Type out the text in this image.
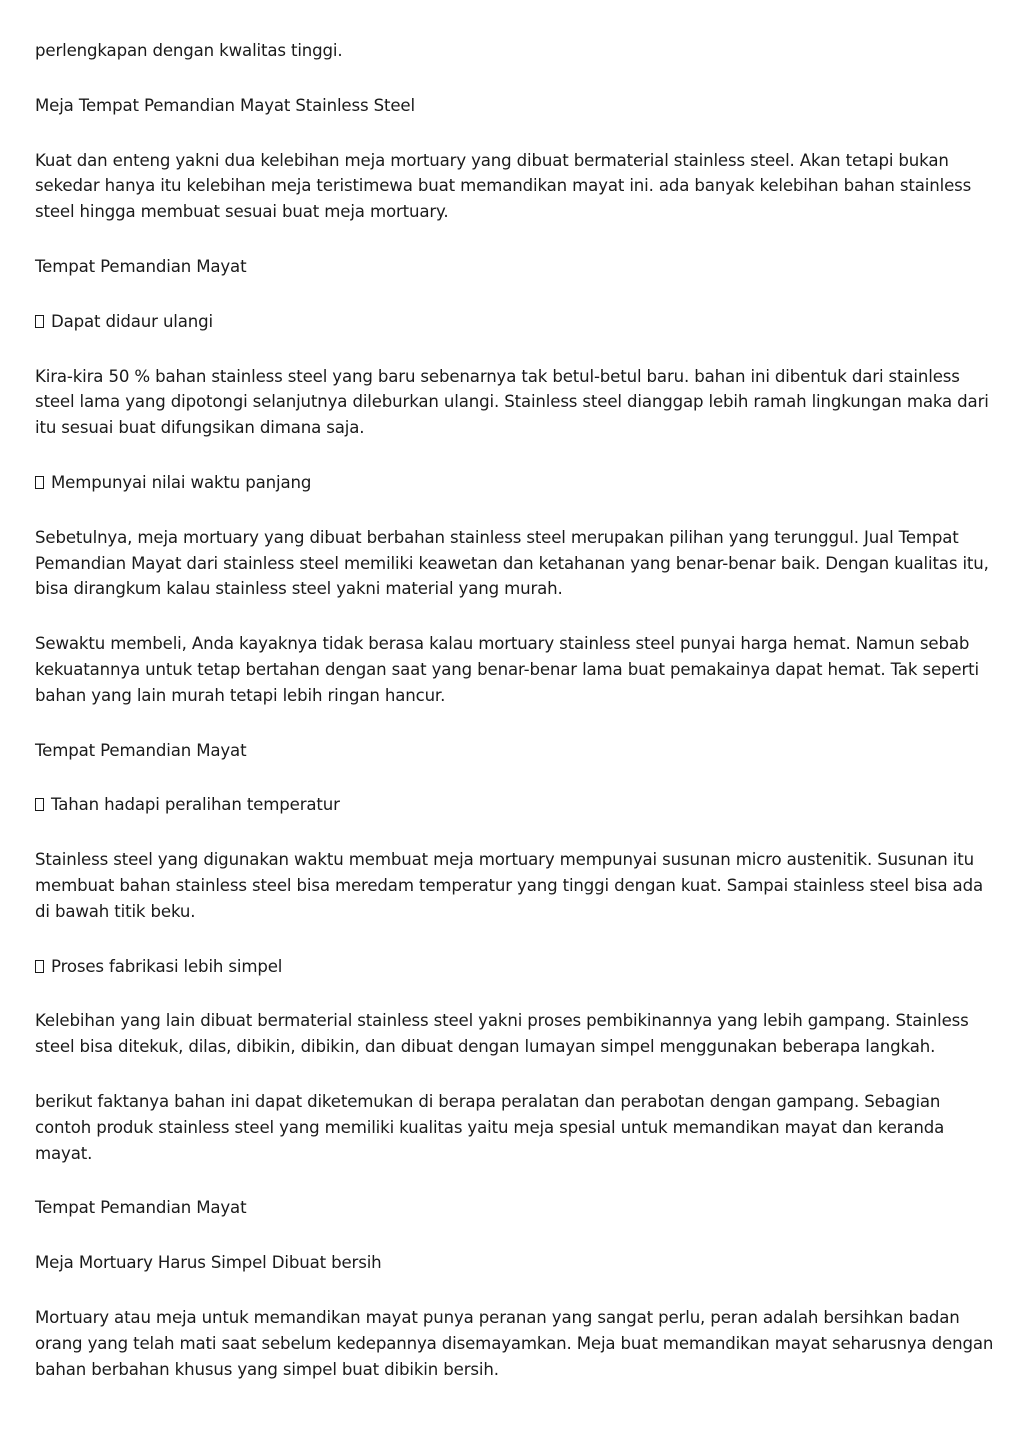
perlengkapan dengan kwalitas tinggi.

Meja Tempat Pemandian Mayat Stainless Steel

Kuat dan enteng yakni dua kelebihan meja mortuary yang dibuat bermaterial stainless steel. Akan tetapi bukan sekedar hanya itu kelebihan meja teristimewa buat memandikan mayat ini. ada banyak kelebihan bahan stainless steel hingga membuat sesuai buat meja mortuary.

Tempat Pemandian Mayat

Dapat didaur ulangi

Kira-kira 50 % bahan stainless steel yang baru sebenarnya tak betul-betul baru. bahan ini dibentuk dari stainless steel lama yang dipotongi selanjutnya dileburkan ulangi. Stainless steel dianggap lebih ramah lingkungan maka dari itu sesuai buat difungsikan dimana saja.

Mempunyai nilai waktu panjang

Sebetulnya, meja mortuary yang dibuat berbahan stainless steel merupakan pilihan yang terunggul. Jual Tempat Pemandian Mayat dari stainless steel memiliki keawetan dan ketahanan yang benar-benar baik. Dengan kualitas itu, bisa dirangkum kalau stainless steel yakni material yang murah.

Sewaktu membeli, Anda kayaknya tidak berasa kalau mortuary stainless steel punyai harga hemat. Namun sebab kekuatannya untuk tetap bertahan dengan saat yang benar-benar lama buat pemakainya dapat hemat. Tak seperti bahan yang lain murah tetapi lebih ringan hancur.

Tempat Pemandian Mayat

Tahan hadapi peralihan temperatur

Stainless steel yang digunakan waktu membuat meja mortuary mempunyai susunan micro austenitik. Susunan itu membuat bahan stainless steel bisa meredam temperatur yang tinggi dengan kuat. Sampai stainless steel bisa ada di bawah titik beku.

Proses fabrikasi lebih simpel

Kelebihan yang lain dibuat bermaterial stainless steel yakni proses pembikinannya yang lebih gampang. Stainless steel bisa ditekuk, dilas, dibikin, dibikin, dan dibuat dengan lumayan simpel menggunakan beberapa langkah.

berikut faktanya bahan ini dapat diketemukan di berapa peralatan dan perabotan dengan gampang. Sebagian contoh produk stainless steel yang memiliki kualitas yaitu meja spesial untuk memandikan mayat dan keranda mayat.

Tempat Pemandian Mayat

Meja Mortuary Harus Simpel Dibuat bersih

Mortuary atau meja untuk memandikan mayat punya peranan yang sangat perlu, peran adalah bersihkan badan orang yang telah mati saat sebelum kedepannya disemayamkan. Meja buat memandikan mayat seharusnya dengan bahan berbahan khusus yang simpel buat dibikin bersih.
